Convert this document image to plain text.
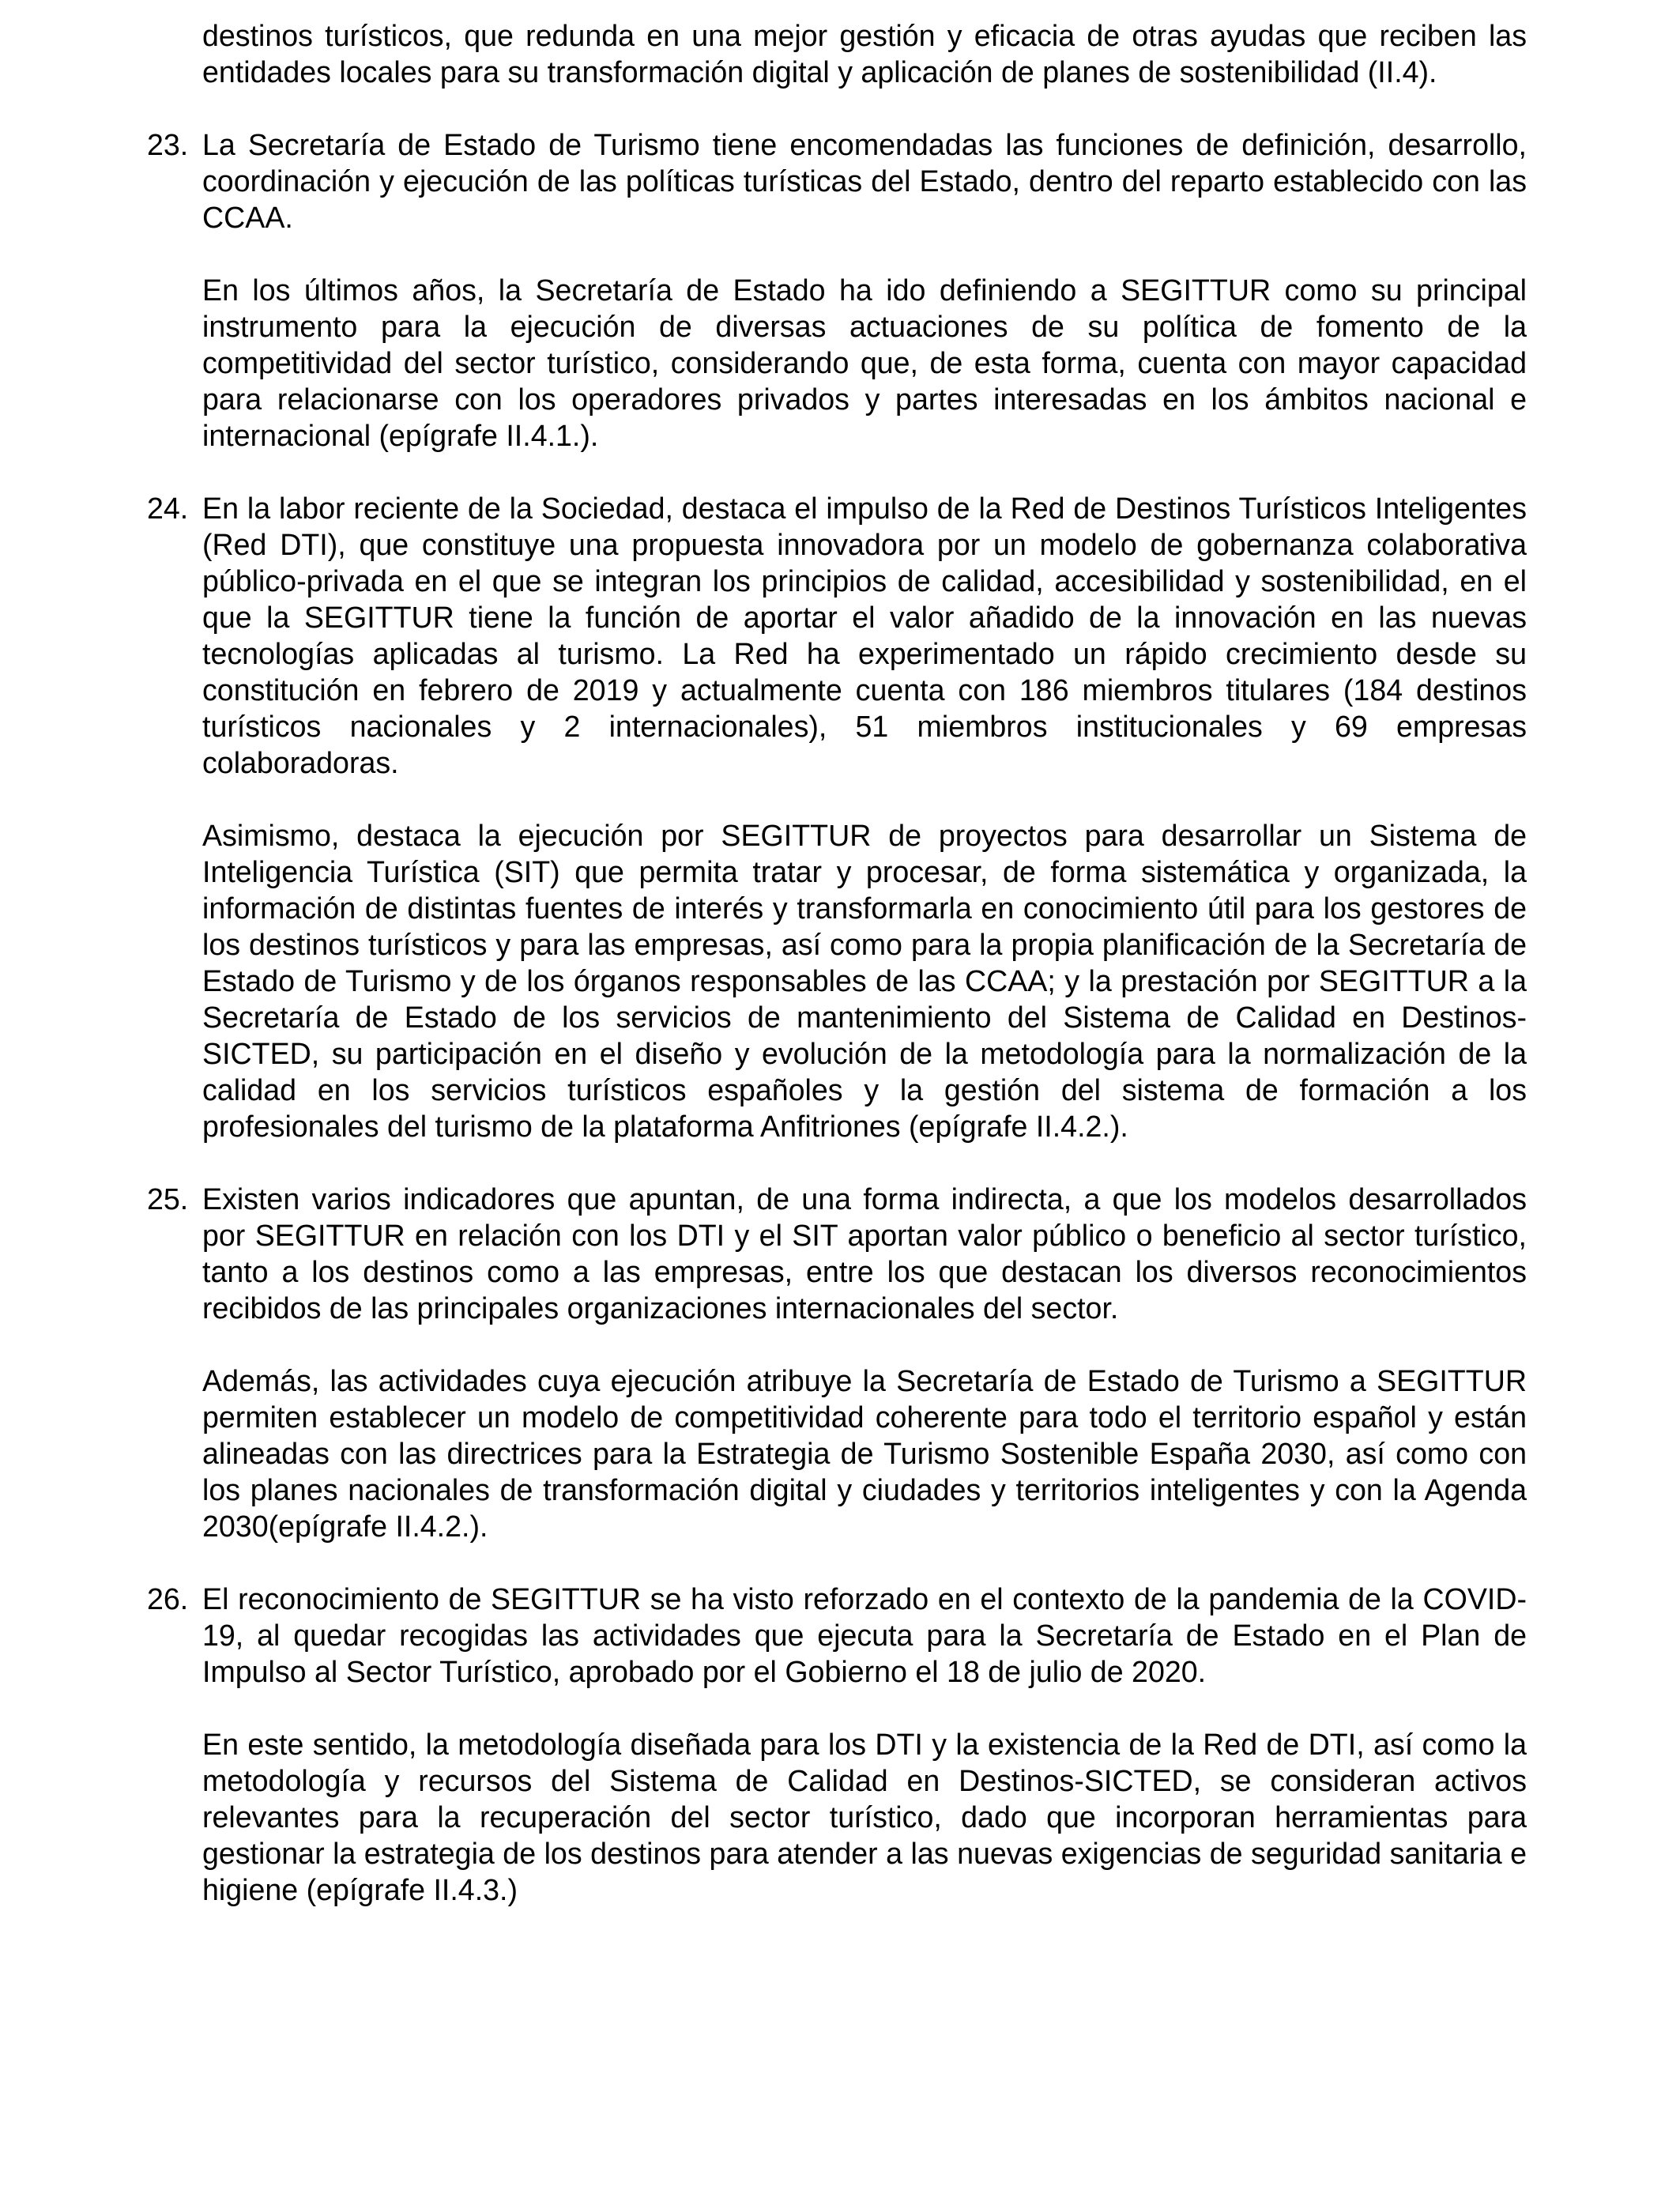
destinos turísticos, que redunda en una mejor gestión y eficacia de otras ayudas que reciben las entidades locales para su transformación digital y aplicación de planes de sostenibilidad (II.4).

23. La Secretaría de Estado de Turismo tiene encomendadas las funciones de definición, desarrollo, coordinación y ejecución de las políticas turísticas del Estado, dentro del reparto establecido con las CCAA.

En los últimos años, la Secretaría de Estado ha ido definiendo a SEGITTUR como su principal instrumento para la ejecución de diversas actuaciones de su política de fomento de la competitividad del sector turístico, considerando que, de esta forma, cuenta con mayor capacidad para relacionarse con los operadores privados y partes interesadas en los ámbitos nacional e internacional (epígrafe II.4.1.).

24. En la labor reciente de la Sociedad, destaca el impulso de la Red de Destinos Turísticos Inteligentes (Red DTI), que constituye una propuesta innovadora por un modelo de gobernanza colaborativa público-privada en el que se integran los principios de calidad, accesibilidad y sostenibilidad, en el que la SEGITTUR tiene la función de aportar el valor añadido de la innovación en las nuevas tecnologías aplicadas al turismo. La Red ha experimentado un rápido crecimiento desde su constitución en febrero de 2019 y actualmente cuenta con 186 miembros titulares (184 destinos turísticos nacionales y 2 internacionales), 51 miembros institucionales y 69 empresas colaboradoras.

Asimismo, destaca la ejecución por SEGITTUR de proyectos para desarrollar un Sistema de Inteligencia Turística (SIT) que permita tratar y procesar, de forma sistemática y organizada, la información de distintas fuentes de interés y transformarla en conocimiento útil para los gestores de los destinos turísticos y para las empresas, así como para la propia planificación de la Secretaría de Estado de Turismo y de los órganos responsables de las CCAA; y la prestación por SEGITTUR a la Secretaría de Estado de los servicios de mantenimiento del Sistema de Calidad en Destinos-SICTED, su participación en el diseño y evolución de la metodología para la normalización de la calidad en los servicios turísticos españoles y la gestión del sistema de formación a los profesionales del turismo de la plataforma Anfitriones (epígrafe II.4.2.).

25. Existen varios indicadores que apuntan, de una forma indirecta, a que los modelos desarrollados por SEGITTUR en relación con los DTI y el SIT aportan valor público o beneficio al sector turístico, tanto a los destinos como a las empresas, entre los que destacan los diversos reconocimientos recibidos de las principales organizaciones internacionales del sector.

Además, las actividades cuya ejecución atribuye la Secretaría de Estado de Turismo a SEGITTUR permiten establecer un modelo de competitividad coherente para todo el territorio español y están alineadas con las directrices para la Estrategia de Turismo Sostenible España 2030, así como con los planes nacionales de transformación digital y ciudades y territorios inteligentes y con la Agenda 2030(epígrafe II.4.2.).

26. El reconocimiento de SEGITTUR se ha visto reforzado en el contexto de la pandemia de la COVID-19, al quedar recogidas las actividades que ejecuta para la Secretaría de Estado en el Plan de Impulso al Sector Turístico, aprobado por el Gobierno el 18 de julio de 2020.

En este sentido, la metodología diseñada para los DTI y la existencia de la Red de DTI, así como la metodología y recursos del Sistema de Calidad en Destinos-SICTED, se consideran activos relevantes para la recuperación del sector turístico, dado que incorporan herramientas para gestionar la estrategia de los destinos para atender a las nuevas exigencias de seguridad sanitaria e higiene (epígrafe II.4.3.)
